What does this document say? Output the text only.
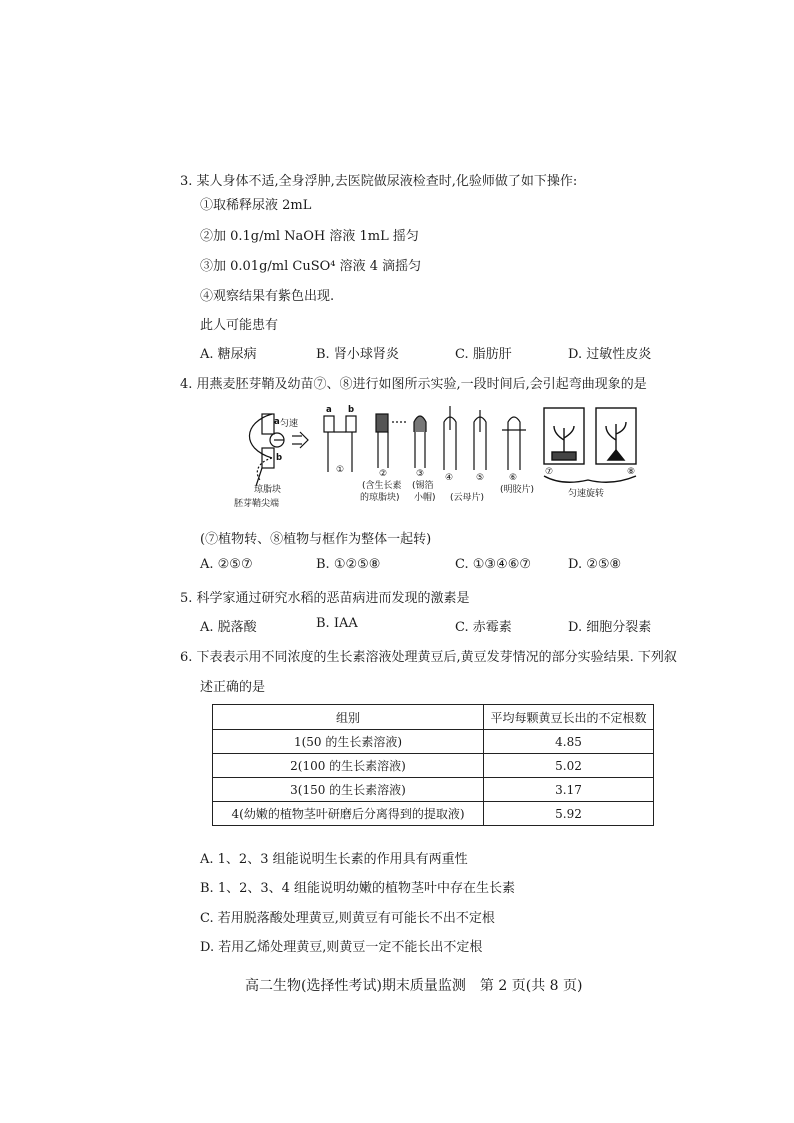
3. 某人身体不适,全身浮肿,去医院做尿液检查时,化验师做了如下操作:
①取稀释尿液 2mL
②加 0.1g/ml NaOH 溶液 1mL 摇匀
③加 0.01g/ml CuSO⁴ 溶液 4 滴摇匀
④观察结果有紫色出现.
此人可能患有
A. 糖尿病	B. 肾小球肾炎	C. 脂肪肝	D. 过敏性皮炎
4. 用燕麦胚芽鞘及幼苗⑦、⑧进行如图所示实验,一段时间后,会引起弯曲现象的是
a
b
匀速
琼脂块
胚芽鞘尖端
a b
①	②
(含生长素
的琼脂块)
③
(锡箔
小帽)
④	⑤
(云母片)
⑥
(明胶片)
⑦	⑧
匀速旋转
(⑦植物转、⑧植物与框作为整体一起转)
A. ②⑤⑦	B. ①②⑤⑧	C. ①③④⑥⑦	D. ②⑤⑧
5. 科学家通过研究水稻的恶苗病进而发现的激素是
A. 脱落酸	B. IAA	C. 赤霉素	D. 细胞分裂素
6. 下表表示用不同浓度的生长素溶液处理黄豆后,黄豆发芽情况的部分实验结果. 下列叙
述正确的是
组别	平均每颗黄豆长出的不定根数
1(50 的生长素溶液)	4.85
2(100 的生长素溶液)	5.02
3(150 的生长素溶液)	3.17
4(幼嫩的植物茎叶研磨后分离得到的提取液)	5.92
A. 1、2、3 组能说明生长素的作用具有两重性
B. 1、2、3、4 组能说明幼嫩的植物茎叶中存在生长素
C. 若用脱落酸处理黄豆,则黄豆有可能长不出不定根
D. 若用乙烯处理黄豆,则黄豆一定不能长出不定根
高二生物(选择性考试)期末质量监测　第 2 页(共 8 页)
